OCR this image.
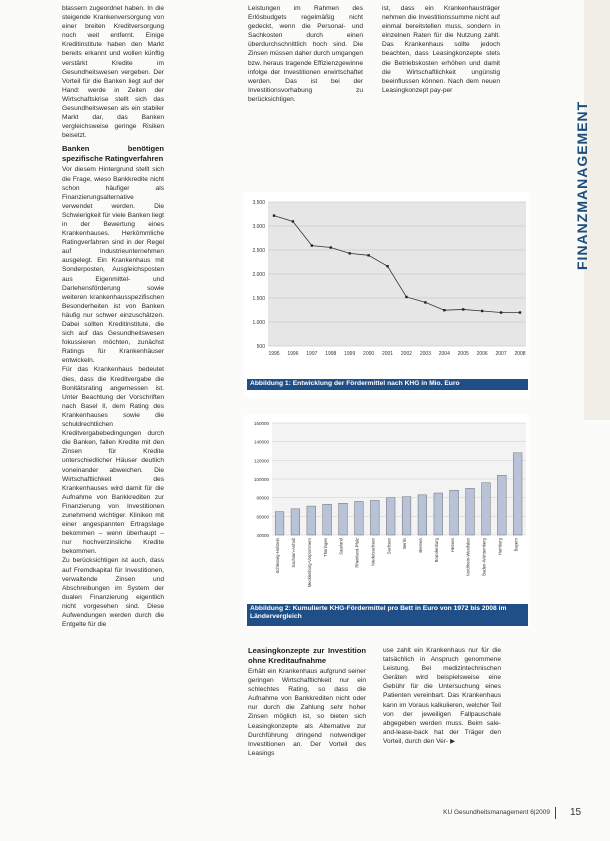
FINANZMANAGEMENT

blassern zugeordnet haben. In die steigende Krankenversorgung von einer breiten Kreditversorgung noch weit entfernt. Einige Kreditinstitute haben den Markt bereits erkannt und wollen künftig verstärkt Kredite im Gesundheitswesen vergeben. Der Vorteil für die Banken liegt auf der Hand: werde in Zeiten der Wirtschaftskrise stellt sich das Gesundheitswesen als ein stabiler Markt dar, das Banken vergleichsweise geringe Risiken beisetzt.

Banken benötigen spezifische Ratingverfahren

Vor diesem Hintergrund stellt sich die Frage, wieso Bankkredite nicht schon häufiger als Finanzierungsalternative verwendet werden. Die Schwierigkeit für viele Banken liegt in der Bewertung eines Krankenhauses. Herkömmliche Ratingverfahren sind in der Regel auf Industrieunternehmen ausgelegt. Ein Krankenhaus mit Sonderposten, Ausgleichsposten aus Eigenmittel- und Darlehensförderung sowie weiteren krankenhausspezifischen Besonderheiten ist von Banken häufig nur schwer einzuschätzen. Dabei sollten Kreditinstitute, die sich auf das Gesundheitswesen fokussieren möchten, zunächst Ratings für Krankenhäuser entwickeln.

Für das Krankenhaus bedeutet dies, dass die Kreditvergabe die Bonitätsrating angemessen ist. Unter Beachtung der Vorschriften nach Basel II, dem Rating des Krankenhauses sowie die schuldrechtlichen Kreditvergabebedingungen durch die Banken, fallen Kredite mit den Zinsen für Kredite unterschiedlicher Häuser deutlich voneinander abweichen. Die Wirtschaftlichkeit des Krankenhauses wird damit für die Aufnahme von Bankkrediten zur Finanzierung von Investitionen zunehmend wichtiger. Kliniken mit einer angespannten Ertragslage bekommen – wenn überhaupt – nur hochverzinsliche Kredite bekommen.

Zu berücksichtigen ist auch, dass auf Fremdkapital für Investitionen, verwaltende Zinsen und Abschreibungen im System der dualen Finanzierung eigentlich nicht vorgesehen sind. Diese Aufwendungen werden durch die Entgelte für die

Leistungen im Rahmen des Erlösbudgets regelmäßig nicht gedeckt, wenn die Personal- und Sachkosten durch einen überdurchschnittlich hoch sind. Die Zinsen müssen daher durch umgangen bzw. heraus tragende Effizienzgewinne infolge der Investitionen erwirtschaftet werden. Das ist bei der Investitionsvorhabung zu berücksichtigen.

ist, dass ein Krankenhausträger nehmen die Investitionssumme nicht auf einmal bereitstellen muss, sondern in einzelnen Raten für die Nutzung zahlt. Das Krankenhaus sollte jedoch beachten, dass Leasingkonzepte stets die Betriebskosten erhöhen und damit die Wirtschaftlichkeit ungünstig beeinflussen können. Nach dem neuen Leasingkonzept pay-per

3.500
3.000
2.500
2.000
1.500
1.000
500
1995 1996 1997 1998 1999 2000 2001 2002 2003 2004 2005 2006 2007 2008
Abbildung 1: Entwicklung der Fördermittel nach KHG in Mio. Euro
160000
140000
120000
100000
80000
60000
40000
Schleswig-Holstein	Sachsen-Anhalt	Mecklenburg-Vorpommern	Thüringen	Saarland	Rheinland-Pfalz	Niedersachsen	Sachsen	Berlin	Bremen	Brandenburg	Hessen	Nordrhein-Westfalen	Baden-Württemberg	Hamburg	Bayern
Abbildung 2: Kumulierte KHG-Fördermittel pro Bett in Euro von 1972 bis 2008 im Ländervergleich
Leasingkonzepte zur Investition ohne Kreditaufnahme

Erhält ein Krankenhaus aufgrund seiner geringen Wirtschaftlichkeit nur ein schlechtes Rating, so dass die Aufnahme von Bankkrediten nicht oder nur durch die Zahlung sehr hoher Zinsen möglich ist, so bieten sich Leasingkonzepte als Alternative zur Durchführung dringend notwendiger Investitionen an. Der Vorteil des Leasings

use zahlt ein Krankenhaus nur für die tatsächlich in Anspruch genommene Leistung. Bei medizintechnischen Geräten wird beispielsweise eine Gebühr für die Untersuchung eines Patienten vereinbart. Das Krankenhaus kann im Voraus kalkulieren, welcher Teil von der jeweiligen Fallpauschale abgegeben werden muss. Beim sale-and-lease-back hat der Träger den Vorteil, durch den Ver- ▶

KU Gesundheitsmanagement 6|2009 15
